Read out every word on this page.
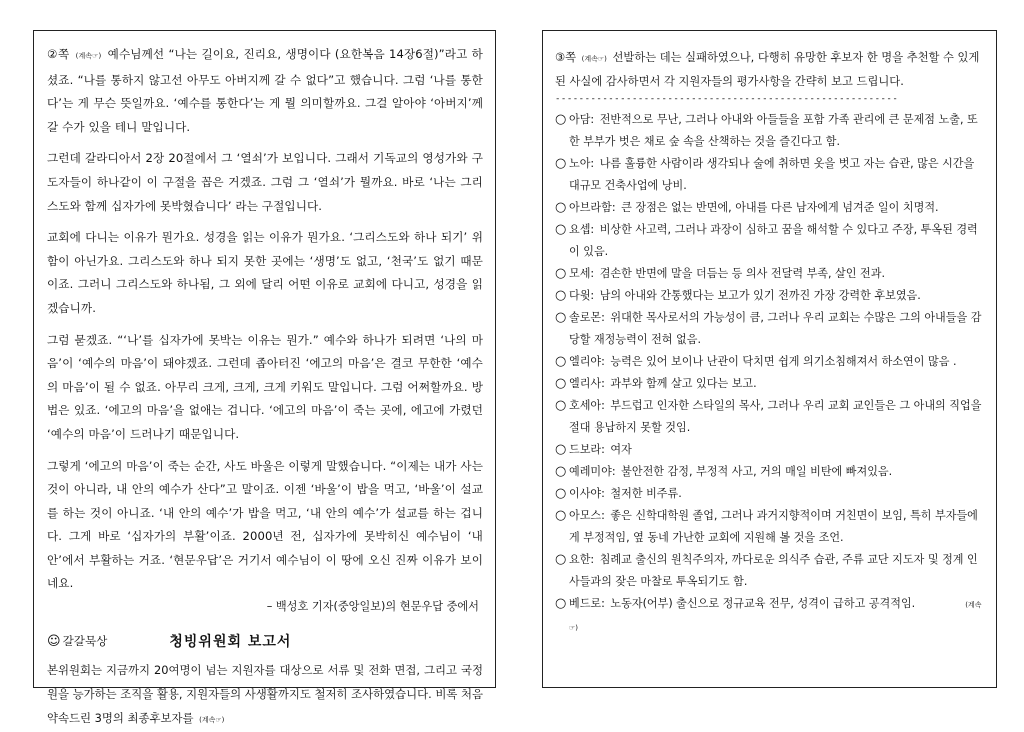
②쪽 (계속☞) 예수님께선 “나는 길이요, 진리요, 생명이다 (요한복음 14장6절)”라고 하셨죠. “나를 통하지 않고선 아무도 아버지께 갈 수 없다”고 했습니다. 그럼 ‘나를 통한다’는 게 무슨 뜻일까요. ‘예수를 통한다’는 게 뭘 의미할까요. 그걸 알아야 ‘아버지’께 갈 수가 있을 테니 말입니다.

그런데 갈라디아서 2장 20절에서 그 ‘열쇠’가 보입니다. 그래서 기독교의 영성가와 구도자들이 하나같이 이 구절을 꼽은 거겠죠. 그럼 그 ‘열쇠’가 뭘까요. 바로 ‘나는 그리스도와 함께 십자가에 못박혔습니다’ 라는 구절입니다.

교회에 다니는 이유가 뭔가요. 성경을 읽는 이유가 뭔가요. ‘그리스도와 하나 되기’ 위함이 아닌가요. 그리스도와 하나 되지 못한 곳에는 ‘생명’도 없고, ‘천국’도 없기 때문이죠. 그러니 그리스도와 하나됨, 그 외에 달리 어떤 이유로 교회에 다니고, 성경을 읽겠습니까.

그럼 묻겠죠. “‘나’를 십자가에 못박는 이유는 뭔가.” 예수와 하나가 되려면 ‘나의 마음’이 ‘예수의 마음’이 돼야겠죠. 그런데 좁아터진 ‘에고의 마음’은 결코 무한한 ‘예수의 마음’이 될 수 없죠. 아무리 크게, 크게, 크게 키워도 말입니다. 그럼 어쩌할까요. 방법은 있죠. ‘에고의 마음’을 없애는 겁니다. ‘에고의 마음’이 죽는 곳에, 에고에 가렸던 ‘예수의 마음’이 드러나기 때문입니다.

그렇게 ‘에고의 마음’이 죽는 순간, 사도 바울은 이렇게 말했습니다. “이제는 내가 사는 것이 아니라, 내 안의 예수가 산다”고 말이죠. 이젠 ‘바울’이 밥을 먹고, ‘바울’이 설교를 하는 것이 아니죠. ‘내 안의 예수’가 밥을 먹고, ‘내 안의 예수’가 설교를 하는 겁니다. 그게 바로 ‘십자가의 부활’이죠. 2000년 전, 십자가에 못박히신 예수님이 ‘내 안’에서 부활하는 거죠. ‘현문우답’은 거기서 예수님이 이 땅에 오신 진짜 이유가 보이네요.

– 백성호 기자(중앙일보)의 현문우답 중에서
☺ 갈갈묵상	청빙위원회 보고서

본위원회는 지금까지 20여명이 넘는 지원자를 대상으로 서류 및 전화 면접, 그리고 국정원을 능가하는 조직을 활용, 지원자들의 사생활까지도 철저히 조사하였습니다. 비록 처음 약속드린 3명의 최종후보자를 (계속☞)

③쪽 (계속☞) 선발하는 데는 실패하였으나, 다행히 유망한 후보자 한 명을 추천할 수 있게 된 사실에 감사하면서 각 지원자들의 평가사항을 간략히 보고 드립니다.

----------------------------------------------------------
○ 아담: 전반적으로 무난, 그러나 아내와 아들들을 포함 가족 관리에 큰 문제점 노출, 또한 부부가 벗은 채로 숲 속을 산책하는 것을 즐긴다고 함.
○ 노아: 나름 훌륭한 사람이라 생각되나 술에 취하면 옷을 벗고 자는 습관, 많은 시간을 대규모 건축사업에 낭비.
○ 아브라함: 큰 장점은 없는 반면에, 아내를 다른 남자에게 넘겨준 일이 치명적.
○ 요셉: 비상한 사고력, 그러나 과장이 심하고 꿈을 해석할 수 있다고 주장, 투옥된 경력이 있음.
○ 모세: 겸손한 반면에 말을 더듬는 등 의사 전달력 부족, 살인 전과.
○ 다윗: 남의 아내와 간통했다는 보고가 있기 전까진 가장 강력한 후보였음.
○ 솔로몬: 위대한 목사로서의 가능성이 큼, 그러나 우리 교회는 수많은 그의 아내들을 감당할 재정능력이 전혀 없음.
○ 엘리야: 능력은 있어 보이나 난관이 닥치면 쉽게 의기소침해져서 하소연이 많음 .
○ 엘리사: 과부와 함께 살고 있다는 보고.
○ 호세아: 부드럽고 인자한 스타일의 목사, 그러나 우리 교회 교인들은 그 아내의 직업을 절대 용납하지 못할 것임.
○ 드보라: 여자
○ 예레미야: 불안전한 감정, 부정적 사고, 거의 매일 비탄에 빠져있음.
○ 이사야: 철저한 비주류.
○ 아모스: 좋은 신학대학원 졸업, 그러나 과거지향적이며 거친면이 보임, 특히 부자들에게 부정적임, 옆 동네 가난한 교회에 지원해 볼 것을 조언.
○ 요한: 침례교 출신의 원칙주의자, 까다로운 의식주 습관, 주류 교단 지도자 및 정계 인사들과의 잦은 마찰로 투옥되기도 함.
○ 베드로: 노동자(어부) 출신으로 정규교육 전무, 성격이 급하고 공격적임.	(계속☞)
